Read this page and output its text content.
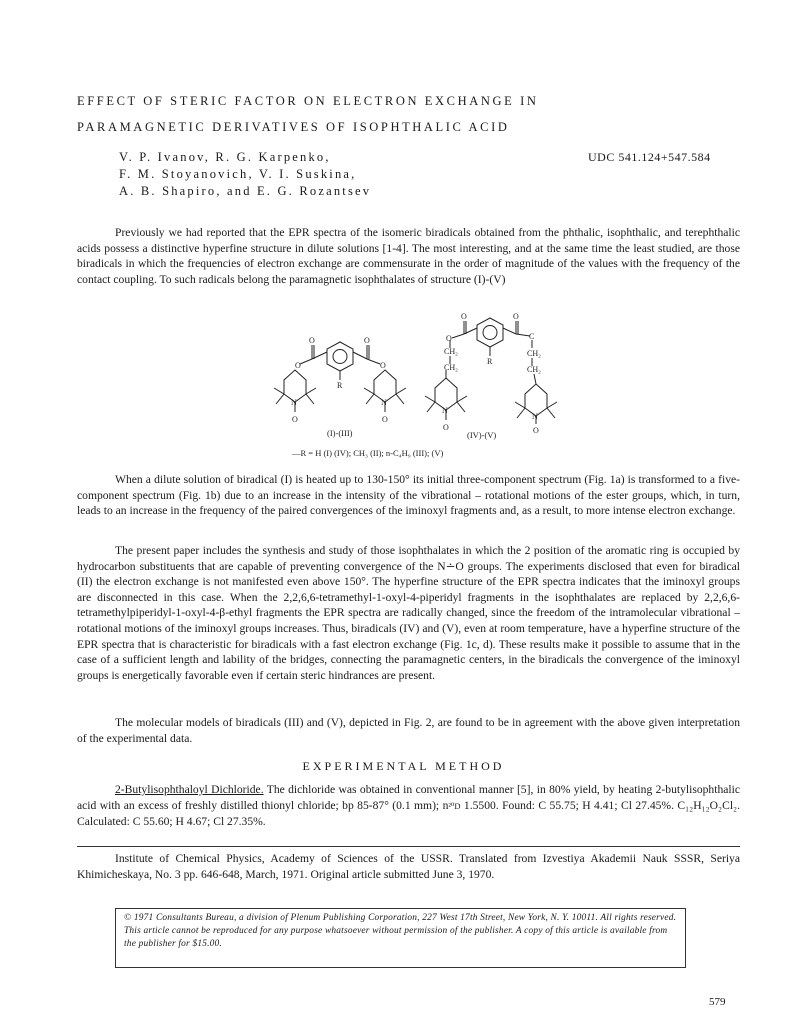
EFFECT OF STERIC FACTOR ON ELECTRON EXCHANGE IN
PARAMAGNETIC DERIVATIVES OF ISOPHTHALIC ACID
V. P. Ivanov, R. G. Karpenko,
F. M. Stoyanovich, V. I. Suskina,
A. B. Shapiro, and E. G. Rozantsev
UDC 541.124+547.584

Previously we had reported that the EPR spectra of the isomeric biradicals obtained from the phthalic, isophthalic, and terephthalic acids possess a distinctive hyperfine structure in dilute solutions [1-4]. The most interesting, and at the same time the least studied, are those biradicals in which the frequencies of electron exchange are commensurate in the order of magnitude of the values with the frequency of the contact coupling. To such radicals belong the paramagnetic isophthalates of structure (I)-(V)

O	O
O	O
R
N	N
O	O
O	O
O	C
R
CH₂
CH₂
CH₂
CH₂
N
N
O	O
(I)-(III)	(IV)-(V)
—R = H (I) (IV); CH₃ (II); n-C₄H₉ (III); (V)

When a dilute solution of biradical (I) is heated up to 130-150° its initial three-component spectrum (Fig. 1a) is transformed to a five-component spectrum (Fig. 1b) due to an increase in the intensity of the vibrational – rotational motions of the ester groups, which, in turn, leads to an increase in the frequency of the paired convergences of the iminoxyl fragments and, as a result, to more intense electron exchange.

The present paper includes the synthesis and study of those isophthalates in which the 2 position of the aromatic ring is occupied by hydrocarbon substituents that are capable of preventing convergence of the N∸O groups. The experiments disclosed that even for biradical (II) the electron exchange is not manifested even above 150°. The hyperfine structure of the EPR spectra indicates that the iminoxyl groups are disconnected in this case. When the 2,2,6,6-tetramethyl-1-oxyl-4-piperidyl fragments in the isophthalates are replaced by 2,2,6,6-tetramethylpiperidyl-1-oxyl-4-β-ethyl fragments the EPR spectra are radically changed, since the freedom of the intramolecular vibrational – rotational motions of the iminoxyl groups increases. Thus, biradicals (IV) and (V), even at room temperature, have a hyperfine structure of the EPR spectra that is characteristic for biradicals with a fast electron exchange (Fig. 1c, d). These results make it possible to assume that in the case of a sufficient length and lability of the bridges, connecting the paramagnetic centers, in the biradicals the convergence of the iminoxyl groups is energetically favorable even if certain steric hindrances are present.

The molecular models of biradicals (III) and (V), depicted in Fig. 2, are found to be in agreement with the above given interpretation of the experimental data.

EXPERIMENTAL METHOD
2-Butylisophthaloyl Dichloride. The dichloride was obtained in conventional manner [5], in 80% yield, by heating 2-butylisophthalic acid with an excess of freshly distilled thionyl chloride; bp 85-87° (0.1 mm); n²⁰D 1.5500. Found: C 55.75; H 4.41; Cl 27.45%. C₁₂H₁₂O₂Cl₂. Calculated: C 55.60; H 4.67; Cl 27.35%.
Institute of Chemical Physics, Academy of Sciences of the USSR. Translated from Izvestiya Akademii Nauk SSSR, Seriya Khimicheskaya, No. 3 pp. 646-648, March, 1971. Original article submitted June 3, 1970.
© 1971 Consultants Bureau, a division of Plenum Publishing Corporation, 227 West 17th Street, New York, N. Y. 10011. All rights reserved. This article cannot be reproduced for any purpose whatsoever without permission of the publisher. A copy of this article is available from the publisher for $15.00.
579
